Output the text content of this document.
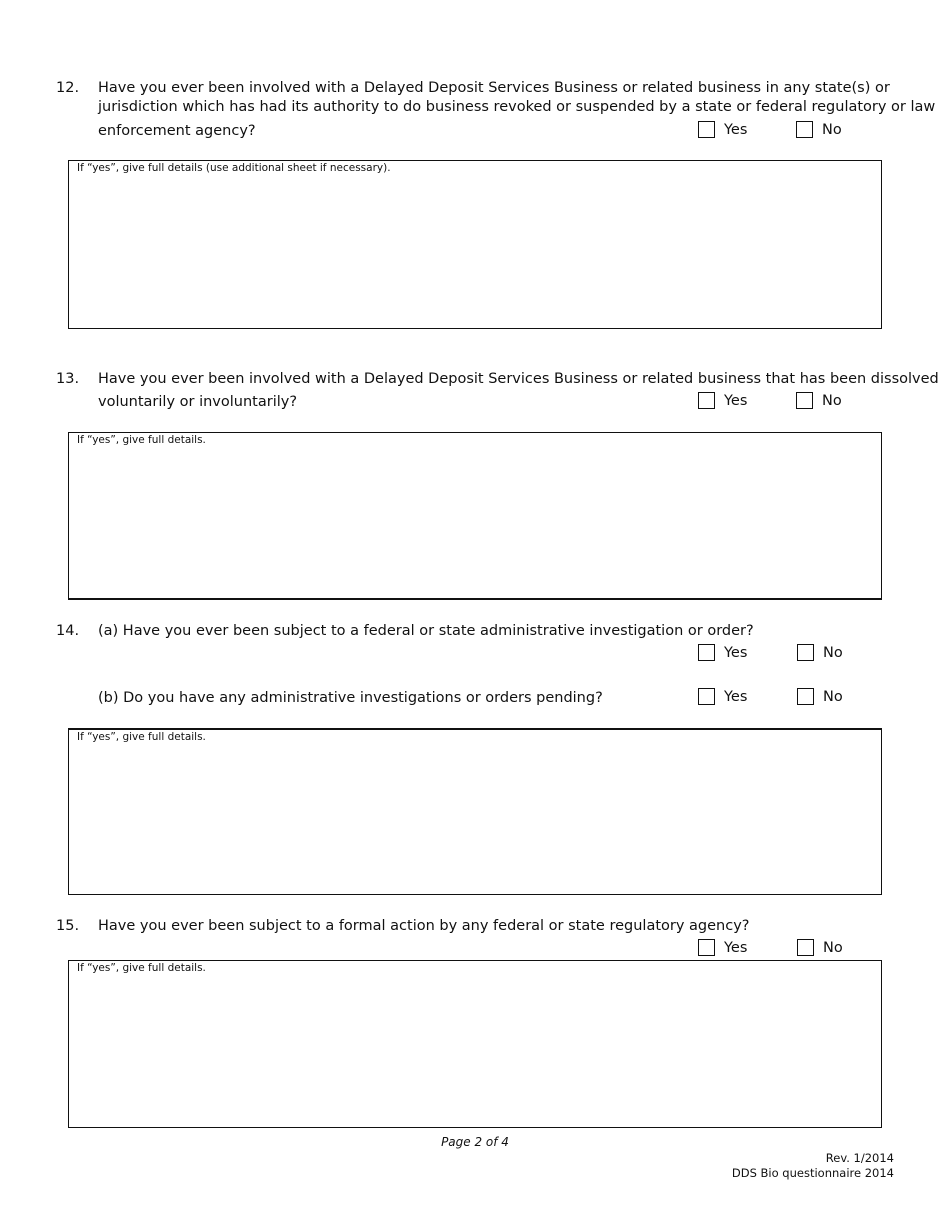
12. Have you ever been involved with a Delayed Deposit Services Business or related business in any state(s) or
jurisdiction which has had its authority to do business revoked or suspended by a state or federal regulatory or law
enforcement agency?	Yes	No
If “yes”, give full details (use additional sheet if necessary).
13. Have you ever been involved with a Delayed Deposit Services Business or related business that has been dissolved
voluntarily or involuntarily?	Yes	No
If “yes”, give full details.
14. (a) Have you ever been subject to a federal or state administrative investigation or order?
Yes	No
(b) Do you have any administrative investigations or orders pending?	Yes	No
If “yes”, give full details.
15. Have you ever been subject to a formal action by any federal or state regulatory agency?
Yes	No
If “yes”, give full details.
Page 2 of 4
Rev. 1/2014
DDS Bio questionnaire 2014
